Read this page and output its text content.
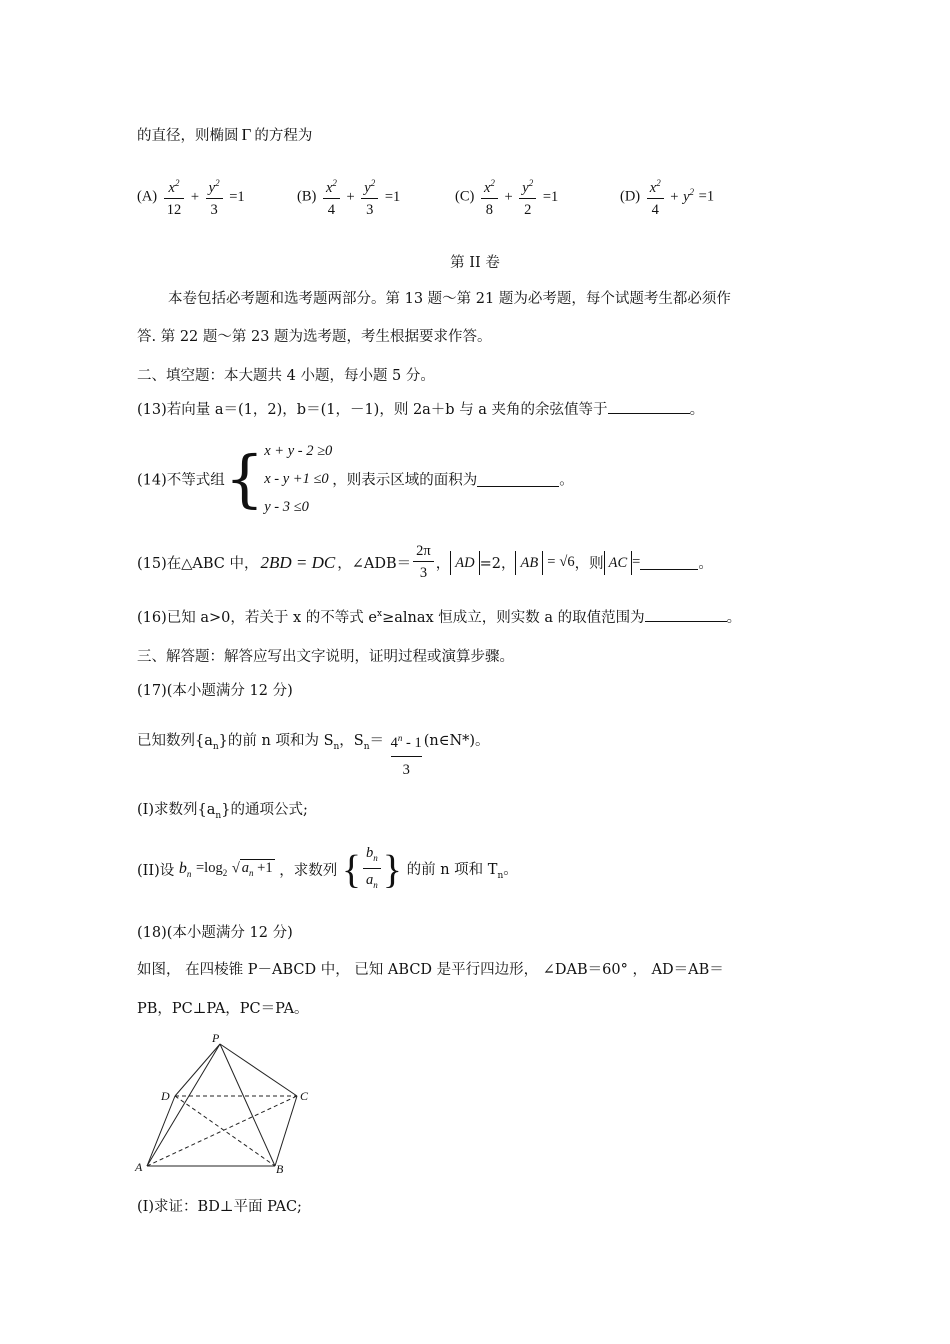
的直径，则椭圆 Γ 的方程为
$(A) \frac{x^2}{12} + \frac{y^2}{3} =1$	$(B) \frac{x^2}{4} + \frac{y^2}{3} =1$	$(C) \frac{x^2}{8} + \frac{y^2}{2} =1$	$(D) \frac{x^2}{4} + y^2 =1$
第 II 卷
本卷包括必考题和选考题两部分。第 13 题～第 21 题为必考题，每个试题考生都必须作
答. 第 22 题～第 23 题为选考题，考生根据要求作答。
二、填空题：本大题共 4 小题，每小题 5 分。
(13)若向量 a＝(1，2)，b＝(1，－1)，则 2a＋b 与 a 夹角的余弦值等于	。
(14)不等式组{ x + y - 2 ≥0
x - y +1 ≤0
y - 3 ≤0
，则表示区域的面积为	。
(15)在△ABC 中， 2BD = DC ，∠ADB＝ $\frac{2\pi}{3}$ ， AD =2， AB = √6，则 AC =	。
(16)已知 a>0，若关于 x 的不等式 $e^x\ge alnax$ 恒成立，则实数 a 的取值范围为	。
三、解答题：解答应写出文字说明，证明过程或演算步骤。
(17)(本小题满分 12 分)
已知数列$\{a_n\}$的前 n 项和为 $S_n$，$S_n= \frac{4^n - 1}{3}$ (n∈N*)。
(I)求数列$\{a_n\}$的通项公式;
(II)设 $b_n =\log_2$ √ $a_n +1$ ，求数列 { $\frac{b_n}{a_n}$ } 的前 n 项和 $T_n$。
(18)(本小题满分 12 分)
如图， 在四棱锥 P－ABCD 中， 已知 ABCD 是平行四边形， ∠DAB＝60° ， AD＝AB＝
PB，PC⊥PA，PC＝PA。
P
D	C
A	B
(I)求证：BD⊥平面 PAC;
